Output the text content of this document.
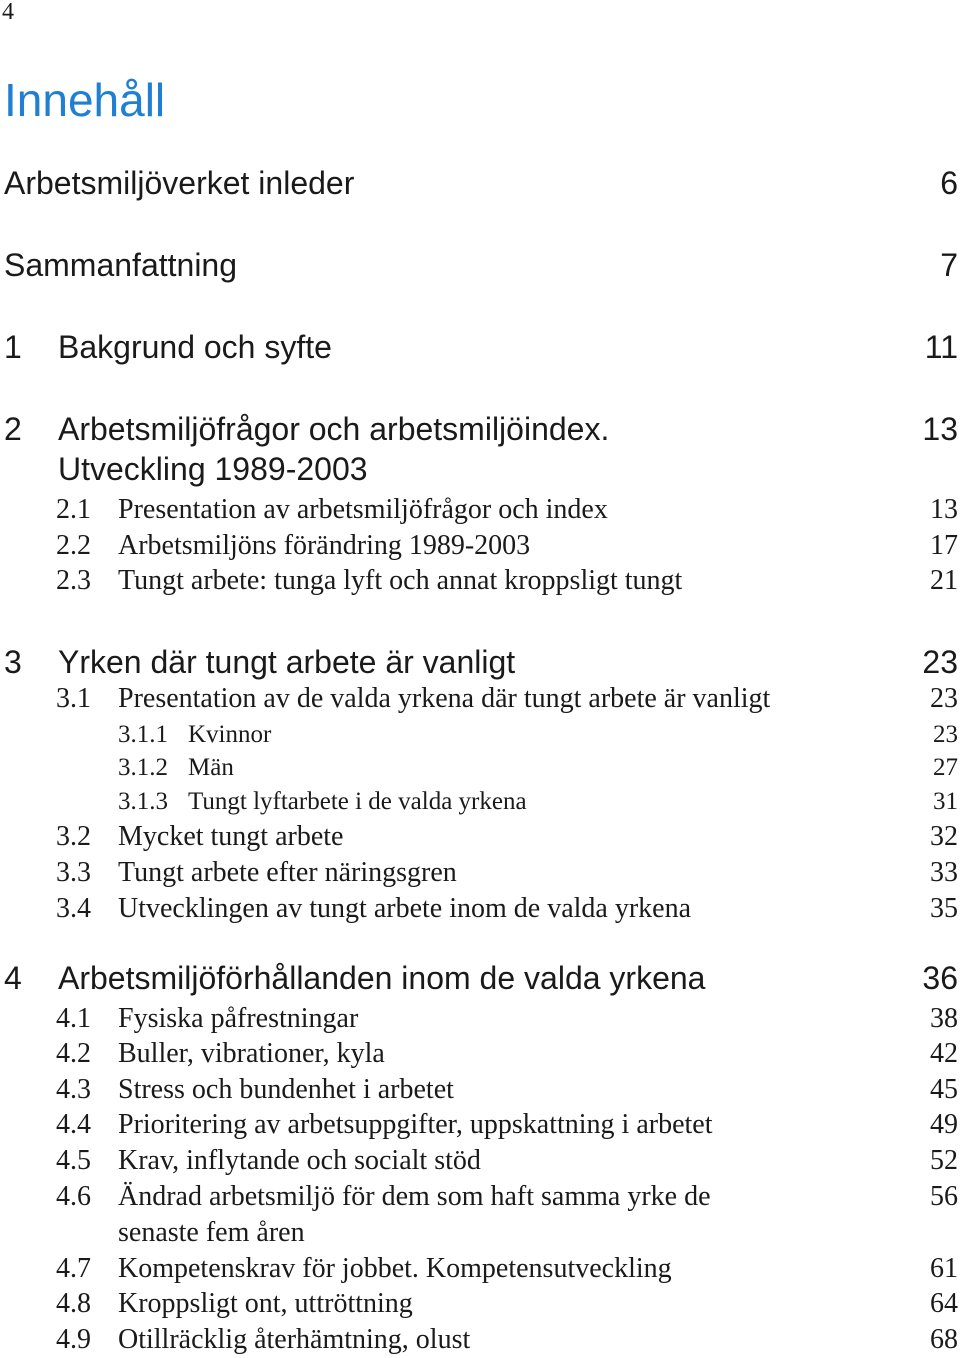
4
Innehåll
Arbetsmiljöverket inleder	6
Sammanfattning	7
1 Bakgrund och syfte	11
2 Arbetsmiljöfrågor och arbetsmiljöindex.	13
Utveckling 1989-2003
2.1 Presentation av arbetsmiljöfrågor och index	13
2.2 Arbetsmiljöns förändring 1989-2003	17
2.3 Tungt arbete: tunga lyft och annat kroppsligt tungt	21
3 Yrken där tungt arbete är vanligt	23
3.1 Presentation av de valda yrkena där tungt arbete är vanligt	23
3.1.1 Kvinnor	23
3.1.2 Män	27
3.1.3 Tungt lyftarbete i de valda yrkena	31
3.2 Mycket tungt arbete	32
3.3 Tungt arbete efter näringsgren	33
3.4 Utvecklingen av tungt arbete inom de valda yrkena	35
4 Arbetsmiljöförhållanden inom de valda yrkena	36
4.1 Fysiska påfrestningar	38
4.2 Buller, vibrationer, kyla	42
4.3 Stress och bundenhet i arbetet	45
4.4 Prioritering av arbetsuppgifter, uppskattning i arbetet	49
4.5 Krav, inflytande och socialt stöd	52
4.6 Ändrad arbetsmiljö för dem som haft samma yrke de	56
senaste fem åren
4.7 Kompetenskrav för jobbet. Kompetensutveckling	61
4.8 Kroppsligt ont, uttröttning	64
4.9 Otillräcklig återhämtning, olust	68
